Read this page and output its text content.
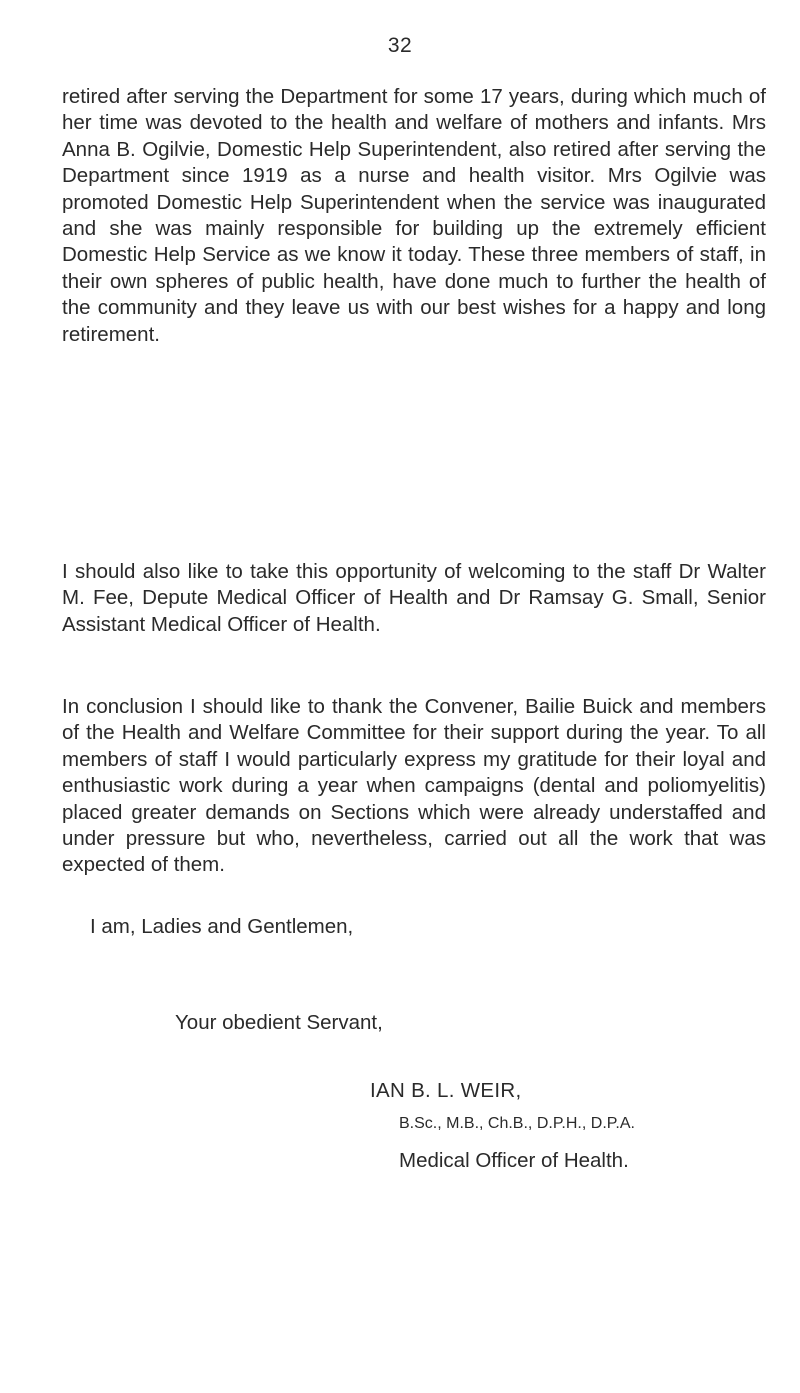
32

retired after serving the Department for some 17 years, during which much of her time was devoted to the health and welfare of mothers and infants. Mrs Anna B. Ogilvie, Domestic Help Superintendent, also retired after serving the Department since 1919 as a nurse and health visitor. Mrs Ogilvie was promoted Domestic Help Superintendent when the service was inaugurated and she was mainly responsible for building up the extremely efficient Domestic Help Service as we know it today. These three members of staff, in their own spheres of public health, have done much to further the health of the community and they leave us with our best wishes for a happy and long retirement.

I should also like to take this opportunity of welcoming to the staff Dr Walter M. Fee, Depute Medical Officer of Health and Dr Ramsay G. Small, Senior Assistant Medical Officer of Health.

In conclusion I should like to thank the Convener, Bailie Buick and members of the Health and Welfare Committee for their support during the year. To all members of staff I would particularly express my gratitude for their loyal and enthusiastic work during a year when campaigns (dental and poliomyelitis) placed greater demands on Sections which were already understaffed and under pressure but who, nevertheless, carried out all the work that was expected of them.

I am, Ladies and Gentlemen,
Your obedient Servant,
IAN B. L. WEIR,
B.Sc., M.B., Ch.B., D.P.H., D.P.A.
Medical Officer of Health.
